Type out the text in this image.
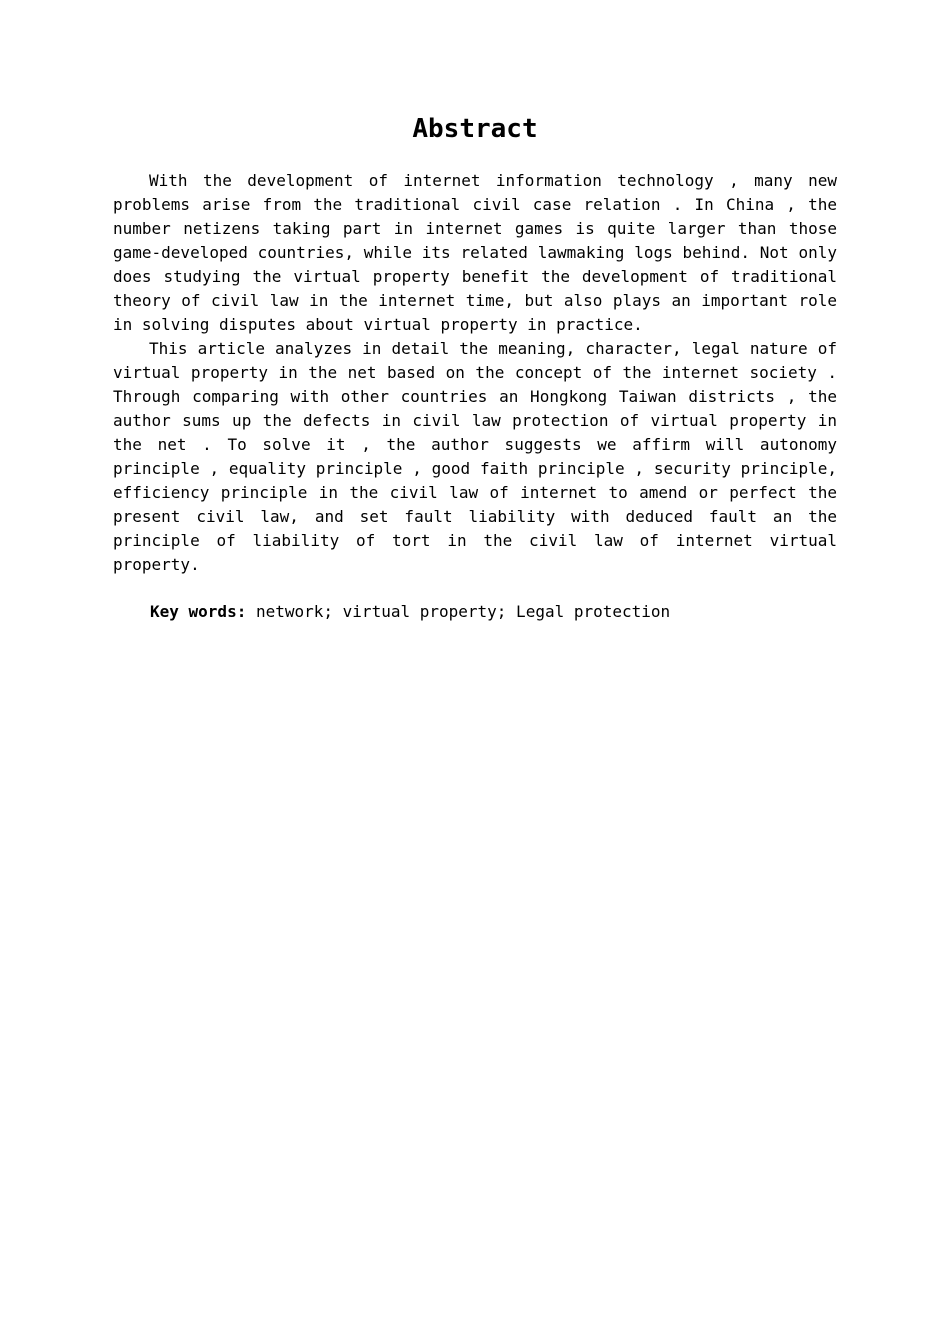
Abstract

With the development of internet information technology , many new problems arise from the traditional civil case relation . In China , the number netizens taking part in internet games is quite larger than those game-developed countries, while its related lawmaking logs behind. Not only does studying the virtual property benefit the development of traditional theory of civil law in the internet time, but also plays an important role in solving disputes about virtual property in practice.

This article analyzes in detail the meaning, character, legal nature of virtual property in the net based on the concept of the internet society . Through comparing with other countries an Hongkong Taiwan districts , the author sums up the defects in civil law protection of virtual property in the net . To solve it , the author suggests we affirm will autonomy principle , equality principle , good faith principle , security principle, efficiency principle in the civil law of internet to amend or perfect the present civil law, and set fault liability with deduced fault an the principle of liability of tort in the civil law of internet virtual property.

Key words: network; virtual property; Legal protection
